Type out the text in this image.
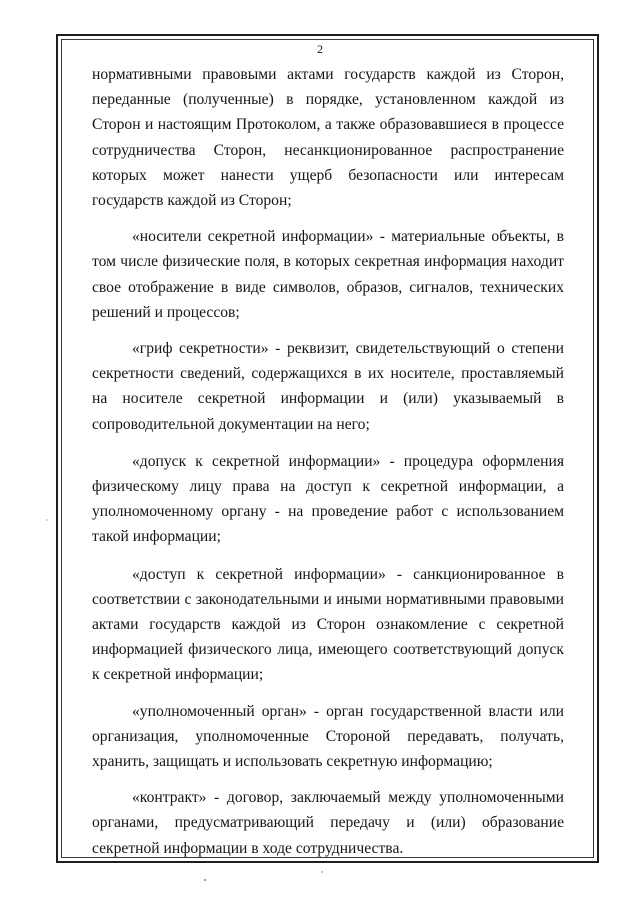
2

нормативными правовыми актами государств каждой из Сторон, переданные (полученные) в порядке, установленном каждой из Сторон и настоящим Протоколом, а также образовавшиеся в процессе сотрудничества Сторон, несанкционированное распространение которых может нанести ущерб безопасности или интересам государств каждой из Сторон;

«носители секретной информации» - материальные объекты, в том числе физические поля, в которых секретная информация находит свое отображение в виде символов, образов, сигналов, технических решений и процессов;

«гриф секретности» - реквизит, свидетельствующий о степени секретности сведений, содержащихся в их носителе, проставляемый на носителе секретной информации и (или) указываемый в сопроводительной документации на него;

«допуск к секретной информации» - процедура оформления физическому лицу права на доступ к секретной информации, а уполномоченному органу - на проведение работ с использованием такой информации;

«доступ к секретной информации» - санкционированное в соответствии с законодательными и иными нормативными правовыми актами государств каждой из Сторон ознакомление с секретной информацией физического лица, имеющего соответствующий допуск к секретной информации;

«уполномоченный орган» - орган государственной власти или организация, уполномоченные Стороной передавать, получать, хранить, защищать и использовать секретную информацию;

«контракт» - договор, заключаемый между уполномоченными органами, предусматривающий передачу и (или) образование секретной информации в ходе сотрудничества.
